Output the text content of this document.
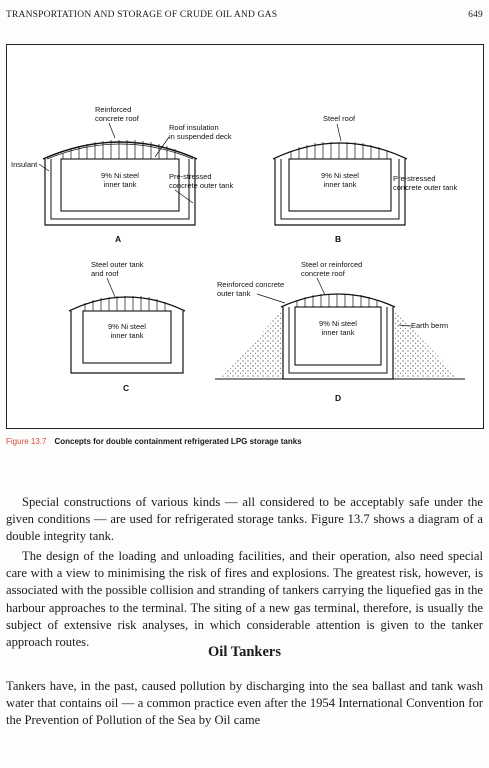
TRANSPORTATION AND STORAGE OF CRUDE OIL AND GAS	649
9% Ni steel
inner tank
Reinforced
concrete roof
Roof insulation
in suspended deck
Insulant
Pre-stressed
concrete outer tank
A
9% Ni steel
inner tank
Steel roof
Pre-stressed
concrete outer tank
B
9% Ni steel
inner tank
Steel outer tank
and roof
C
9% Ni steel
inner tank
Steel or reinforced
concrete roof
Reinforced concrete
outer tank
Earth berm
D
Figure 13.7 Concepts for double containment refrigerated LPG storage tanks

Special constructions of various kinds — all considered to be acceptably safe under the given conditions — are used for refrigerated storage tanks. Figure 13.7 shows a diagram of a double integrity tank.

The design of the loading and unloading facilities, and their operation, also need special care with a view to minimising the risk of fires and explosions. The greatest risk, however, is associated with the possible collision and stranding of tankers carrying the liquefied gas in the harbour approaches to the terminal. The siting of a new gas terminal, therefore, is usually the subject of extensive risk analyses, in which considerable attention is given to the tanker approach routes.

Oil Tankers

Tankers have, in the past, caused pollution by discharging into the sea ballast and tank wash water that contains oil — a common practice even after the 1954 International Convention for the Prevention of Pollution of the Sea by Oil came
